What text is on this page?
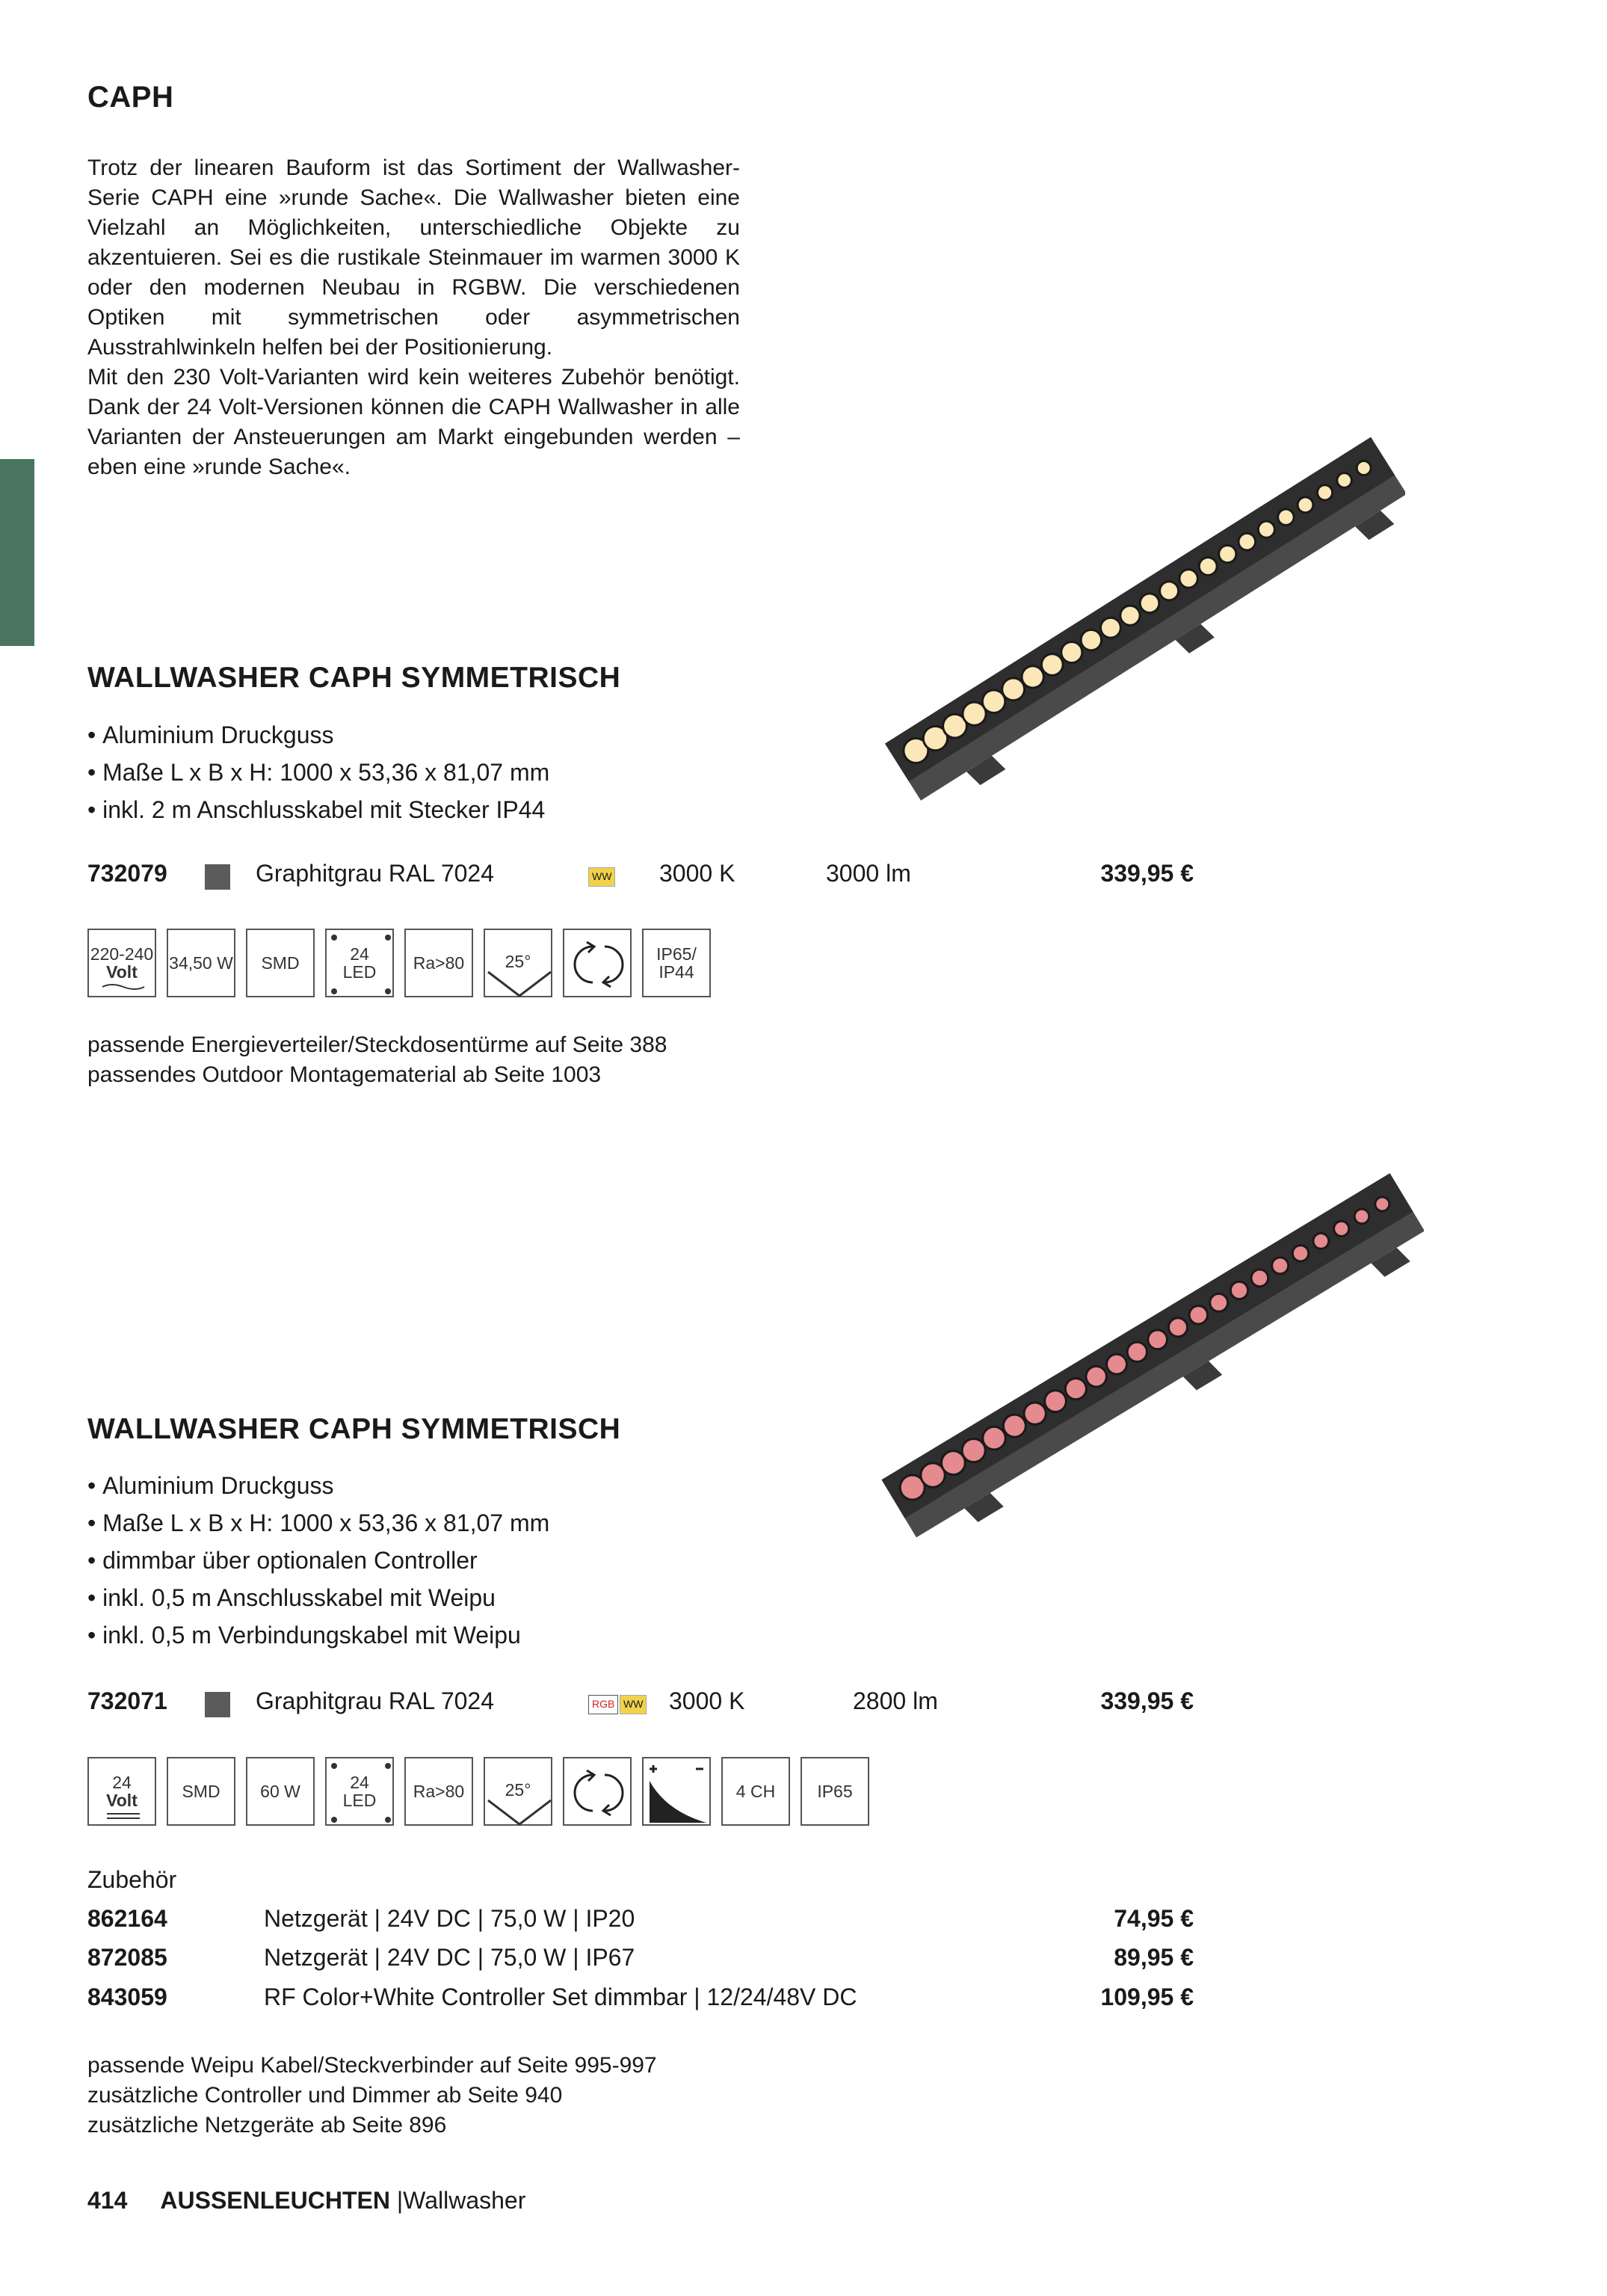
CAPH

Trotz der linearen Bauform ist das Sortiment der Wallwasher-Serie CAPH eine »runde Sache«. Die Wallwasher bieten eine Vielzahl an Möglichkeiten, unterschiedliche Objekte zu akzentuieren. Sei es die rustikale Steinmauer im warmen 3000 K oder den modernen Neubau in RGBW. Die verschiedenen Optiken mit symmetrischen oder asymmetrischen Ausstrahlwinkeln helfen bei der Positionierung.

Mit den 230 Volt-Varianten wird kein weiteres Zubehör benötigt. Dank der 24 Volt-Versionen können die CAPH Wallwasher in alle Varianten der Ansteuerungen am Markt eingebunden werden – eben eine »runde Sache«.

WALLWASHER CAPH SYMMETRISCH
• Aluminium Druckguss
• Maße L x B x H: 1000 x 53,36 x 81,07 mm
• inkl. 2 m Anschlusskabel mit Stecker IP44
732079	Graphitgrau RAL 7024	WW 3000 K	3000 lm	339,95 €
220-240
Volt	34,50 W	SMD	24
LED	Ra>80	25°	IP65/
IP44
passende Energieverteiler/Steckdosentürme auf Seite 388
passendes Outdoor Montagematerial ab Seite 1003
WALLWASHER CAPH SYMMETRISCH
• Aluminium Druckguss
• Maße L x B x H: 1000 x 53,36 x 81,07 mm
• dimmbar über optionalen Controller
• inkl. 0,5 m Anschlusskabel mit Weipu
• inkl. 0,5 m Verbindungskabel mit Weipu
732071	Graphitgrau RAL 7024	RGB WW 3000 K	2800 lm	339,95 €
24
Volt	SMD	60 W	24
LED	Ra>80	25°	4 CH	IP65
Zubehör
862164	Netzgerät | 24V DC | 75,0 W | IP20	74,95 €
872085	Netzgerät | 24V DC | 75,0 W | IP67	89,95 €
843059	RF Color+White Controller Set dimmbar | 12/24/48V DC	109,95 €
passende Weipu Kabel/Steckverbinder auf Seite 995-997
zusätzliche Controller und Dimmer ab Seite 940
zusätzliche Netzgeräte ab Seite 896
414 AUSSENLEUCHTEN |Wallwasher
